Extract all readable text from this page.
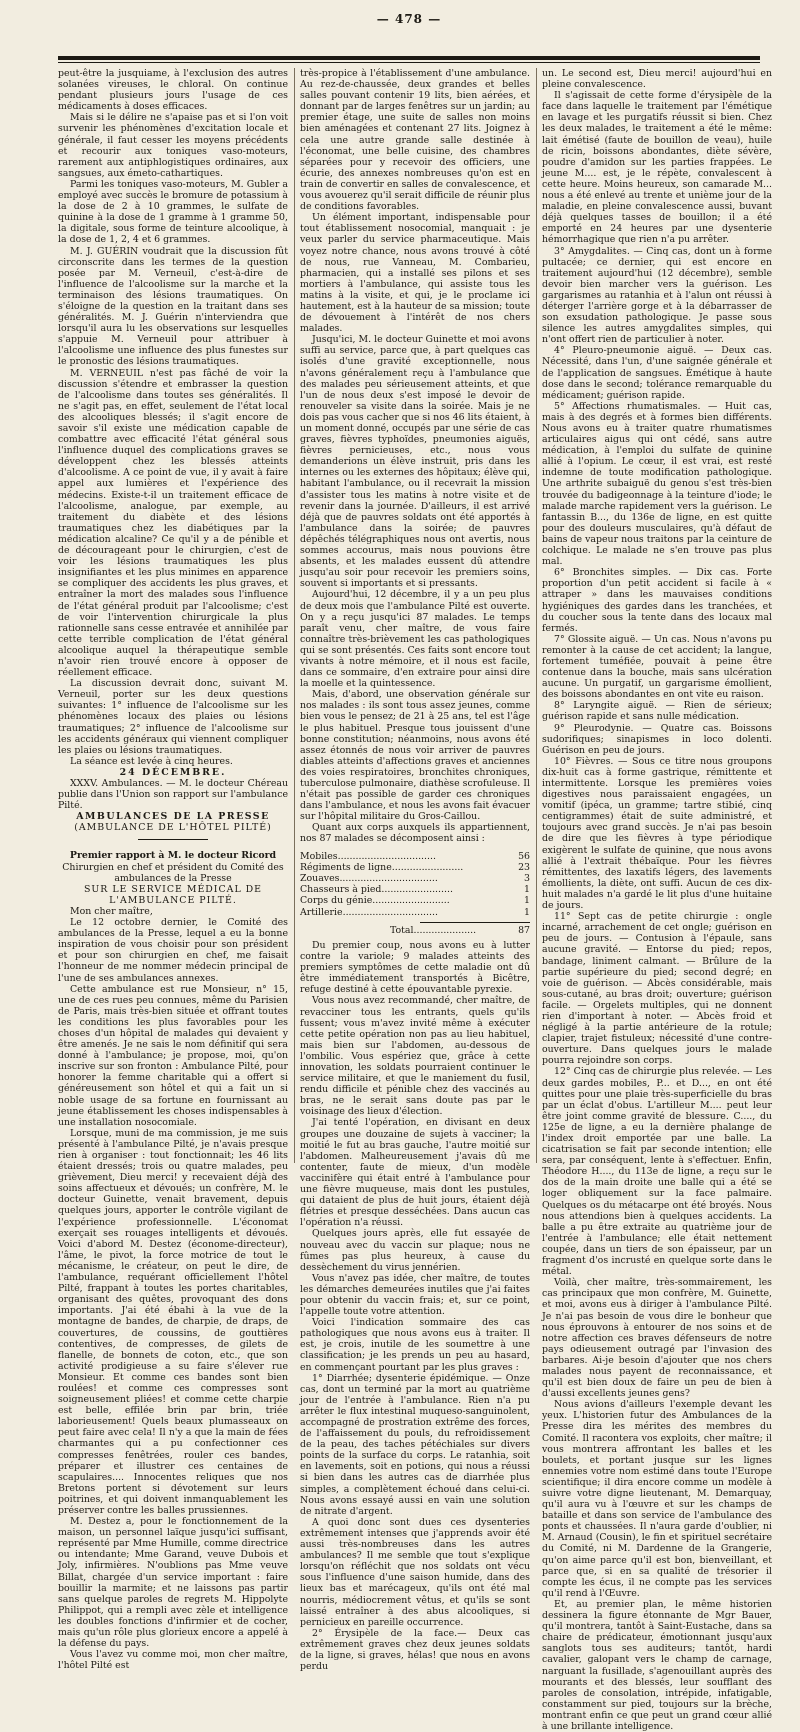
— 478 —

peut-être la jusquiame, à l'exclusion des autres solanées vireuses, le chloral. On continue pendant plusieurs jours l'usage de ces médicaments à doses efficaces.

Mais si le délire ne s'apaise pas et si l'on voit survenir les phénomènes d'excitation locale et générale, il faut cesser les moyens précédents et recourir aux toniques vaso-moteurs, rarement aux antiphlogistiques ordinaires, aux sangsues, aux émeto-cathartiques.

Parmi les toniques vaso-moteurs, M. Gubler a employé avec succès le bromure de potassium à la dose de 2 à 10 grammes, le sulfate de quinine à la dose de 1 gramme à 1 gramme 50, la digitale, sous forme de teinture alcoolique, à la dose de 1, 2, 4 et 6 grammes.

M. J. GUÉRIN voudrait que la discussion fût circonscrite dans les termes de la question posée par M. Verneuil, c'est-à-dire de l'influence de l'alcoolisme sur la marche et la terminaison des lésions traumatiques. On s'éloigne de la question en la traitant dans ses généralités. M. J. Guérin n'interviendra que lorsqu'il aura lu les observations sur lesquelles s'appuie M. Verneuil pour attribuer à l'alcoolisme une influence des plus funestes sur le pronostic des lésions traumatiques.

M. VERNEUIL n'est pas fâché de voir la discussion s'étendre et embrasser la question de l'alcoolisme dans toutes ses généralités. Il ne s'agit pas, en effet, seulement de l'état local des alcooliques blessés; il s'agit encore de savoir s'il existe une médication capable de combattre avec efficacité l'état général sous l'influence duquel des complications graves se développent chez les blessés atteints d'alcoolisme. A ce point de vue, il y avait à faire appel aux lumières et l'expérience des médecins. Existe-t-il un traitement efficace de l'alcoolisme, analogue, par exemple, au traitement du diabète et des lésions traumatiques chez les diabétiques par la médication alcaline? Ce qu'il y a de pénible et de décourageant pour le chirurgien, c'est de voir les lésions traumatiques les plus insignifiantes et les plus minimes en apparence se compliquer des accidents les plus graves, et entraîner la mort des malades sous l'influence de l'état général produit par l'alcoolisme; c'est de voir l'intervention chirurgicale la plus rationnelle sans cesse entravée et annihilée par cette terrible complication de l'état général alcoolique auquel la thérapeutique semble n'avoir rien trouvé encore à opposer de réellement efficace.

La discussion devrait donc, suivant M. Verneuil, porter sur les deux questions suivantes: 1° influence de l'alcoolisme sur les phénomènes locaux des plaies ou lésions traumatiques; 2° influence de l'alcoolisme sur les accidents généraux qui viennent compliquer les plaies ou lésions traumatiques.

La séance est levée à cinq heures.

24 DÉCEMBRE.

XXXV. Ambulances. — M. le docteur Chéreau publie dans l'Union son rapport sur l'ambulance Pilté.

AMBULANCES DE LA PRESSE

(AMBULANCE DE L'HÔTEL PILTÉ)

Premier rapport à M. le docteur Ricord

Chirurgien en chef et président du Comité des ambulances de la Presse

SUR LE SERVICE MÉDICAL DE L'AMBULANCE PILTÉ.

Mon cher maître,

Le 12 octobre dernier, le Comité des ambulances de la Presse, lequel a eu la bonne inspiration de vous choisir pour son président et pour son chirurgien en chef, me faisait l'honneur de me nommer médecin principal de l'une de ses ambulances annexes.

Cette ambulance est rue Monsieur, n° 15, une de ces rues peu connues, même du Parisien de Paris, mais très-bien située et offrant toutes les conditions les plus favorables pour les choses d'un hôpital de malades qui devaient y être amenés. Je ne sais le nom définitif qui sera donné à l'ambulance; je propose, moi, qu'on inscrive sur son fronton : Ambulance Pilté, pour honorer la femme charitable qui a offert si généreusement son hôtel et qui a fait un si noble usage de sa fortune en fournissant au jeune établissement les choses indispensables à une installation nosocomiale.

Lorsque, muni de ma commission, je me suis présenté à l'ambulance Pilté, je n'avais presque rien à organiser : tout fonctionnait; les 46 lits étaient dressés; trois ou quatre malades, peu grièvement, Dieu merci! y recevaient déjà des soins affectueux et dévoués; un confrère, M. le docteur Guinette, venait bravement, depuis quelques jours, apporter le contrôle vigilant de l'expérience professionnelle. L'économat exerçait ses rouages intelligents et dévoués. Voici d'abord M. Destez (économe-directeur), l'âme, le pivot, la force motrice de tout le mécanisme, le créateur, on peut le dire, de l'ambulance, requérant officiellement l'hôtel Pilté, frappant à toutes les portes charitables, organisant des quêtes, provoquant des dons importants. J'ai été ébahi à la vue de la montagne de bandes, de charpie, de draps, de couvertures, de coussins, de gouttières contentives, de compresses, de gilets de flanelle, de bonnets de coton, etc., que son activité prodigieuse a su faire s'élever rue Monsieur. Et comme ces bandes sont bien roulées! et comme ces compresses sont soigneusement pliées! et comme cette charpie est belle, effilée brin par brin, triée laborieusement! Quels beaux plumasseaux on peut faire avec cela! Il n'y a que la main de fées charmantes qui a pu confectionner ces compresses fenêtrées, rouler ces bandes, préparer et illustrer ces centaines de scapulaires.... Innocentes reliques que nos Bretons portent si dévotement sur leurs poitrines, et qui doivent inmanquablement les préserver contre les balles prussiennes.

M. Destez a, pour le fonctionnement de la maison, un personnel laïque jusqu'ici suffisant, représenté par Mme Humille, comme directrice ou intendante; Mme Garand, veuve Dubois et Joly, infirmières. N'oublions pas Mme veuve Billat, chargée d'un service important : faire bouillir la marmite; et ne laissons pas partir sans quelque paroles de regrets M. Hippolyte Philippot, qui a rempli avec zèle et intelligence les doubles fonctions d'infirmier et de cocher, mais qu'un rôle plus glorieux encore a appelé à la défense du pays.

Vous l'avez vu comme moi, mon cher maître, l'hôtel Pilté est

très-propice à l'établissement d'une ambulance. Au rez-de-chaussée, deux grandes et belles salles pouvant contenir 19 lits, bien aérées, et donnant par de larges fenêtres sur un jardin; au premier étage, une suite de salles non moins bien aménagées et contenant 27 lits. Joignez à cela une autre grande salle destinée à l'économat, une belle cuisine, des chambres séparées pour y recevoir des officiers, une écurie, des annexes nombreuses qu'on est en train de convertir en salles de convalescence, et vous avouerez qu'il serait difficile de réunir plus de conditions favorables.

Un élément important, indispensable pour tout établissement nosocomial, manquait : je veux parler du service pharmaceutique. Mais voyez notre chance, nous avons trouvé à côté de nous, rue Vanneau, M. Combarieu, pharmacien, qui a installé ses pilons et ses mortiers à l'ambulance, qui assiste tous les matins à la visite, et qui, je le proclame ici hautement, est à la hauteur de sa mission; toute de dévouement à l'intérêt de nos chers malades.

Jusqu'ici, M. le docteur Guinette et moi avons suffi au service, parce que, à part quelques cas isolés d'une gravité exceptionnelle, nous n'avons généralement reçu à l'ambulance que des malades peu sérieusement atteints, et que l'un de nous deux s'est imposé le devoir de renouveler sa visite dans la soirée. Mais je ne dois pas vous cacher que si nos 46 lits étaient, à un moment donné, occupés par une série de cas graves, fièvres typhoïdes, pneumonies aiguës, fièvres pernicieuses, etc., nous vous demanderions un élève instruit, pris dans les internes ou les externes des hôpitaux; élève qui, habitant l'ambulance, ou il recevrait la mission d'assister tous les matins à notre visite et de revenir dans la journée. D'ailleurs, il est arrivé déjà que de pauvres soldats ont été apportés à l'ambulance dans la soirée; de pauvres dépêchés télégraphiques nous ont avertis, nous sommes accourus, mais nous pouvions être absents, et les malades eussent dû attendre jusqu'au soir pour recevoir les premiers soins, souvent si importants et si pressants.

Aujourd'hui, 12 décembre, il y a un peu plus de deux mois que l'ambulance Pilté est ouverte. On y a reçu jusqu'ici 87 malades. Le temps paraît venu, cher maître, de vous faire connaître très-brièvement les cas pathologiques qui se sont présentés. Ces faits sont encore tout vivants à notre mémoire, et il nous est facile, dans ce sommaire, d'en extraire pour ainsi dire la moelle et la quintessence.

Mais, d'abord, une observation générale sur nos malades : ils sont tous assez jeunes, comme bien vous le pensez; de 21 à 25 ans, tel est l'âge le plus habituel. Presque tous jouissent d'une bonne constitution; néanmoins, nous avons été assez étonnés de nous voir arriver de pauvres diables atteints d'affections graves et anciennes des voies respiratoires, bronchites chroniques, tuberculose pulmonaire, diathèse scrofuleuse. Il n'était pas possible de garder ces chroniques dans l'ambulance, et nous les avons fait évacuer sur l'hôpital militaire du Gros-Caillou.

Quant aux corps auxquels ils appartiennent, nos 87 malades se décomposent ainsi :

Mobiles.................................	56
Régiments de ligne........................	23
Zouaves.................................	3
Chasseurs à pied........................	1
Corps du génie..........................	1
Artillerie................................	1
Total.....................	87

Du premier coup, nous avons eu à lutter contre la variole; 9 malades atteints des premiers symptômes de cette maladie ont dû être immédiatement transportés à Bicêtre, refuge destiné à cette épouvantable pyrexie.

Vous nous avez recommandé, cher maître, de revacciner tous les entrants, quels qu'ils fussent; vous m'avez invité même à exécuter cette petite opération non pas au lieu habituel, mais bien sur l'abdomen, au-dessous de l'ombilic. Vous espériez que, grâce à cette innovation, les soldats pourraient continuer le service militaire, et que le maniement du fusil, rendu difficile et pénible chez des vaccinés au bras, ne le serait sans doute pas par le voisinage des lieux d'élection.

J'ai tenté l'opération, en divisant en deux groupes une douzaine de sujets à vacciner; la moitié le fut au bras gauche, l'autre moitié sur l'abdomen. Malheureusement j'avais dû me contenter, faute de mieux, d'un modèle vaccinifère qui était entré à l'ambulance pour une fièvre muqueuse, mais dont les pustules, qui dataient de plus de huit jours, étaient déjà flétries et presque desséchées. Dans aucun cas l'opération n'a réussi.

Quelques jours après, elle fut essayée de nouveau avec du vaccin sur plaque; nous ne fûmes pas plus heureux, à cause du dessèchement du virus jennérien.

Vous n'avez pas idée, cher maître, de toutes les démarches demeurées inutiles que j'ai faites pour obtenir du vaccin frais; et, sur ce point, l'appelle toute votre attention.

Voici l'indication sommaire des cas pathologiques que nous avons eus à traiter. Il est, je crois, inutile de les soumettre à une classification; je les prends un peu au hasard, en commençant pourtant par les plus graves :

1° Diarrhée; dysenterie épidémique. — Onze cas, dont un terminé par la mort au quatrième jour de l'entrée à l'ambulance. Rien n'a pu arrêter le flux intestinal muqueso-sanguinolent, accompagné de prostration extrême des forces, de l'affaissement du pouls, du refroidissement de la peau, des taches pétéchiales sur divers points de la surface du corps. Le ratanhia, soit en lavements, soit en potions, qui nous a réussi si bien dans les autres cas de diarrhée plus simples, a complètement échoué dans celui-ci. Nous avons essayé aussi en vain une solution de nitrate d'argent.

A quoi donc sont dues ces dysenteries extrêmement intenses que j'apprends avoir été aussi très-nombreuses dans les autres ambulances? Il me semble que tout s'explique lorsqu'on réfléchit que nos soldats ont vécu sous l'influence d'une saison humide, dans des lieux bas et marécageux, qu'ils ont été mal nourris, médiocrement vêtus, et qu'ils se sont laissé entraîner à des abus alcooliques, si pernicieux en pareille occurrence.

2° Érysipèle de la face.— Deux cas extrêmement graves chez deux jeunes soldats de la ligne, si graves, hélas! que nous en avons perdu

un. Le second est, Dieu merci! aujourd'hui en pleine convalescence.

Il s'agissait de cette forme d'érysipèle de la face dans laquelle le traitement par l'émétique en lavage et les purgatifs réussit si bien. Chez les deux malades, le traitement a été le même: lait émétisé (faute de bouillon de veau), huile de ricin, boissons abondantes, diète sévère, poudre d'amidon sur les parties frappées. Le jeune M.... est, je le répète, convalescent à cette heure. Moins heureux, son camarade M... nous a été enlevé au trente et unième jour de la maladie, en pleine convalescence aussi, buvant déjà quelques tasses de bouillon; il a été emporté en 24 heures par une dysenterie hémorrhagique que rien n'a pu arrêter.

3° Amygdalites. — Cinq cas, dont un à forme pultacée; ce dernier, qui est encore en traitement aujourd'hui (12 décembre), semble devoir bien marcher vers la guérison. Les gargarismes au ratanhia et à l'alun ont réussi à détergeт l'arrière gorge et à la débarrasser de son exsudation pathologique. Je passe sous silence les autres amygdalites simples, qui n'ont offert rien de particulier à noter.

4° Pleuro-pneumonie aiguë. — Deux cas. Nécessité, dans l'un, d'une saignée générale et de l'application de sangsues. Émétique à haute dose dans le second; tolérance remarquable du médicament; guérison rapide.

5° Affections rhumatismales. — Huit cas, mais à des degrés et à formes bien différents. Nous avons eu à traiter quatre rhumatismes articulaires aigus qui ont cédé, sans autre médication, à l'emploi du sulfate de quinine allié à l'opium. Le cœur, il est vrai, est resté indemne de toute modification pathologique. Une arthrite subaiguë du genou s'est très-bien trouvée du badigeonnage à la teinture d'iode; le malade marche rapidement vers la guérison. Le fantassin B..., du 136e de ligne, en est quitte pour des douleurs musculaires, qu'à défaut de bains de vapeur nous traitons par la ceinture de colchique. Le malade ne s'en trouve pas plus mal.

6° Bronchites simples. — Dix cas. Forte proportion d'un petit accident si facile à « attraper » dans les mauvaises conditions hygiéniques des gardes dans les tranchées, et du coucher sous la tente dans des locaux mal fermés.

7° Glossite aiguë. — Un cas. Nous n'avons pu remonter à la cause de cet accident; la langue, fortement tuméfiée, pouvait à peine être contenue dans la bouche, mais sans ulcération aucune. Un purgatif, un gargarisme émollient, des boissons abondantes en ont vite eu raison.

8° Laryngite aiguë. — Rien de sérieux; guérison rapide et sans nulle médication.

9° Pleurodynie. — Quatre cas. Boissons sudorifiques; sinapismes in loco dolenti. Guérison en peu de jours.

10° Fièvres. — Sous ce titre nous groupons dix-huit cas à forme gastrique, rémittente et intermittente. Lorsque les premières voies digestives nous paraissaient engagées, un vomitif (ipéca, un gramme; tartre stibié, cinq centigrammes) était de suite administré, et toujours avec grand succès. Je n'ai pas besoin de dire que les fièvres à type périodique exigèrent le sulfate de quinine, que nous avons allié à l'extrait thébaïque. Pour les fièvres rémittentes, des laxatifs légers, des lavements émollients, la diète, ont suffi. Aucun de ces dix-huit malades n'a gardé le lit plus d'une huitaine de jours.

11° Sept cas de petite chirurgie : ongle incarné, arrachement de cet ongle; guérison en peu de jours. — Contusion à l'épaule, sans aucune gravité. — Entorse du pied; repos, bandage, liniment calmant. — Brûlure de la partie supérieure du pied; second degré; en voie de guérison. — Abcès considérable, mais sous-cutané, au bras droit; ouverture; guérison facile. — Orgelets multiples, qui ne donnent rien d'important à noter. — Abcès froid et négligé à la partie antérieure de la rotule; clapier, trajet fistuleux; nécessité d'une contre-ouverture. Dans quelques jours le malade pourra rejoindre son corps.

12° Cinq cas de chirurgie plus relevée. — Les deux gardes mobiles, P... et D..., en ont été quittes pour une plaie très-superficielle du bras par un éclat d'obus. L'artilleur M.... peut leur être joint comme gravité de blessure. C...., du 125e de ligne, a eu la dernière phalange de l'index droit emportée par une balle. La cicatrisation se fait par seconde intention; elle sera, par conséquent, lente à s'effectuer. Enfin, Théodore H...., du 113e de ligne, a reçu sur le dos de la main droite une balle qui a été se loger obliquement sur la face palmaire. Quelques os du métacarpe ont été broyés. Nous nous attendions bien à quelques accidents. La balle a pu être extraite au quatrième jour de l'entrée à l'ambulance; elle était nettement coupée, dans un tiers de son épaisseur, par un fragment d'os incrusté en quelque sorte dans le métal.

Voilà, cher maître, très-sommairement, les cas principaux que mon confrère, M. Guinette, et moi, avons eus à diriger à l'ambulance Pilté. Je n'ai pas besoin de vous dire le bonheur que nous éprouvons à entourer de nos soins et de notre affection ces braves défenseurs de notre pays odieusement outragé par l'invasion des barbares. Ai-je besoin d'ajouter que nos chers malades nous payent de reconnaissance, et qu'il est bien doux de faire un peu de bien à d'aussi excellents jeunes gens?

Nous avions d'ailleurs l'exemple devant les yeux. L'historien futur des Ambulances de la Presse dira les mérites des membres du Comité. Il racontera vos exploits, cher maître; il vous montrera affrontant les balles et les boulets, et portant jusque sur les lignes ennemies votre nom estimé dans toute l'Europe scientifique; il dira encore comme un modèle à suivre votre digne lieutenant, M. Demarquay, qu'il aura vu à l'œuvre et sur les champs de bataille et dans son service de l'ambulance des ponts et chaussées. Il n'aura garde d'oublier, ni M. Arnaud (Cousin), le fin et spirituel secrétaire du Comité, ni M. Dardenne de la Grangerie, qu'on aime parce qu'il est bon, bienveillant, et parce que, si en sa qualité de trésorier il compte les écus, il ne compte pas les services qu'il rend à l'Œuvre.

Et, au premier plan, le même historien dessinera la figure étonnante de Mgr Bauer, qu'il montrera, tantôt à Saint-Eustache, dans sa chaire de prédicateur, émotionnant jusqu'aux sanglots tous ses auditeurs; tantôt, hardi cavalier, galopant vers le champ de carnage, narguant la fusillade, s'agenouillant auprès des mourants et des blessés, leur soufflant des paroles de consolation, intrépide, infatigable, constamment sur pied, toujours sur la brèche, montrant enfin ce que peut un grand cœur allié à une brillante intelligence.
